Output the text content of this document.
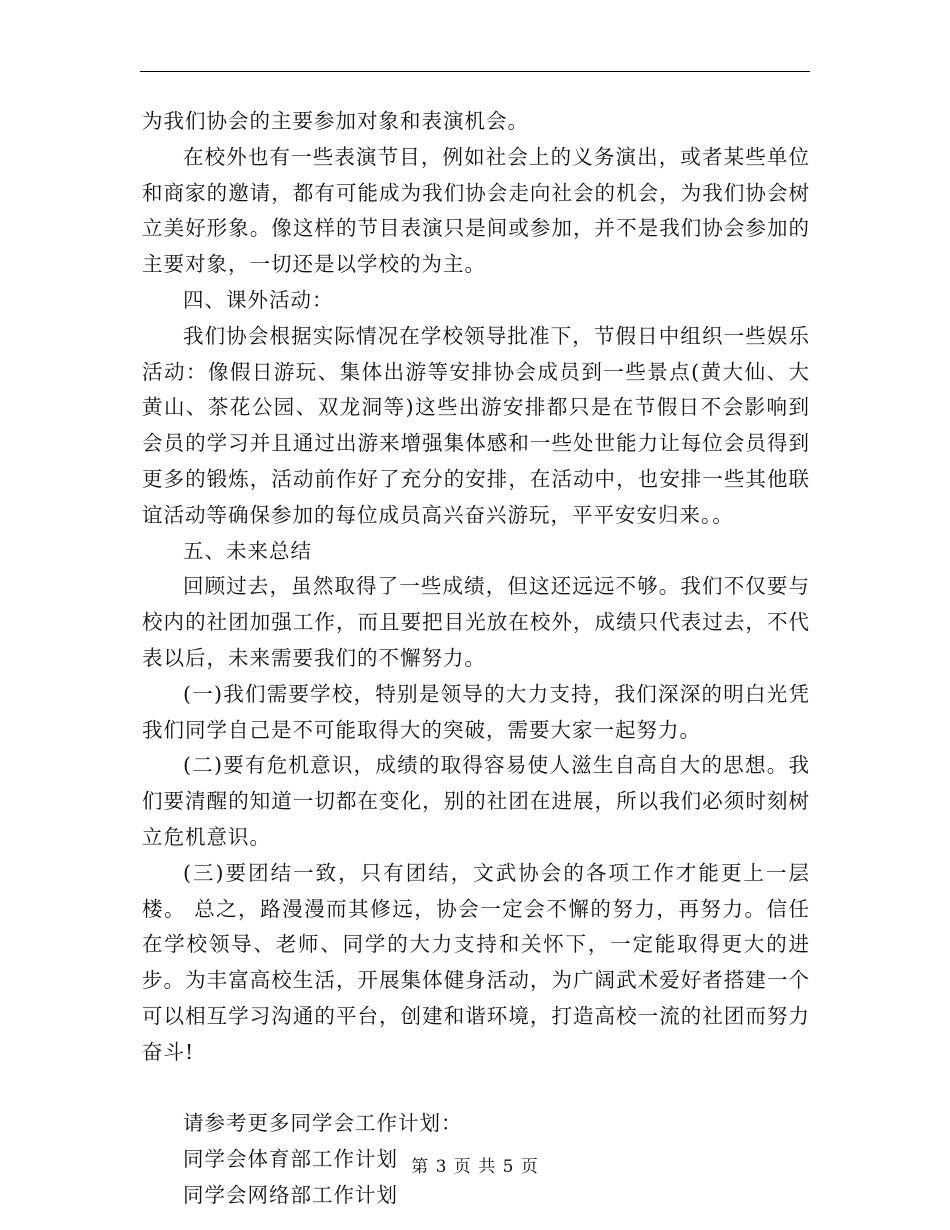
为我们协会的主要参加对象和表演机会。

在校外也有一些表演节目，例如社会上的义务演出，或者某些单位和商家的邀请，都有可能成为我们协会走向社会的机会，为我们协会树立美好形象。像这样的节目表演只是间或参加，并不是我们协会参加的主要对象，一切还是以学校的为主。

四、课外活动：

我们协会根据实际情况在学校领导批准下，节假日中组织一些娱乐活动：像假日游玩、集体出游等安排协会成员到一些景点(黄大仙、大黄山、茶花公园、双龙洞等)这些出游安排都只是在节假日不会影响到会员的学习并且通过出游来增强集体感和一些处世能力让每位会员得到更多的锻炼，活动前作好了充分的安排，在活动中，也安排一些其他联谊活动等确保参加的每位成员高兴奋兴游玩，平平安安归来。。

五、未来总结

回顾过去，虽然取得了一些成绩，但这还远远不够。我们不仅要与校内的社团加强工作，而且要把目光放在校外，成绩只代表过去，不代表以后，未来需要我们的不懈努力。

(一)我们需要学校，特别是领导的大力支持，我们深深的明白光凭我们同学自己是不可能取得大的突破，需要大家一起努力。

(二)要有危机意识，成绩的取得容易使人滋生自高自大的思想。我们要清醒的知道一切都在变化，别的社团在进展，所以我们必须时刻树立危机意识。

(三)要团结一致，只有团结，文武协会的各项工作才能更上一层楼。 总之，路漫漫而其修远，协会一定会不懈的努力，再努力。信任在学校领导、老师、同学的大力支持和关怀下，一定能取得更大的进步。为丰富高校生活，开展集体健身活动，为广阔武术爱好者搭建一个可以相互学习沟通的平台，创建和谐环境，打造高校一流的社团而努力奋斗!

请参考更多同学会工作计划：

同学会体育部工作计划

同学会网络部工作计划

第 3 页 共 5 页
